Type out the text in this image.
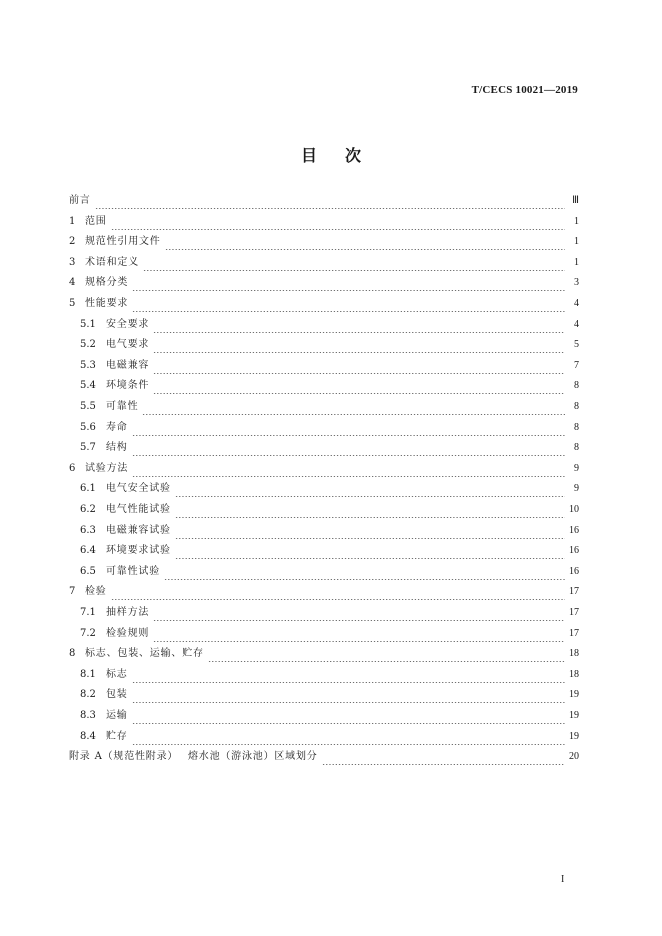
T/CECS 10021—2019
目次
前言	Ⅲ
1 范围	1
2 规范性引用文件	1
3 术语和定义	1
4 规格分类	3
5 性能要求	4
5.1	安全要求	4
5.2	电气要求	5
5.3	电磁兼容	7
5.4	环境条件	8
5.5	可靠性	8
5.6	寿命	8
5.7	结构	8
6 试验方法	9
6.1	电气安全试验	9
6.2	电气性能试验	10
6.3	电磁兼容试验	16
6.4	环境要求试验	16
6.5	可靠性试验	16
7 检验	17
7.1	抽样方法	17
7.2	检验规则	17
8 标志、包装、运输、贮存	18
8.1	标志	18
8.2	包装	19
8.3	运输	19
8.4	贮存	19
附录 A（规范性附录）　 熔水池（游泳池）区域划分	20
I
